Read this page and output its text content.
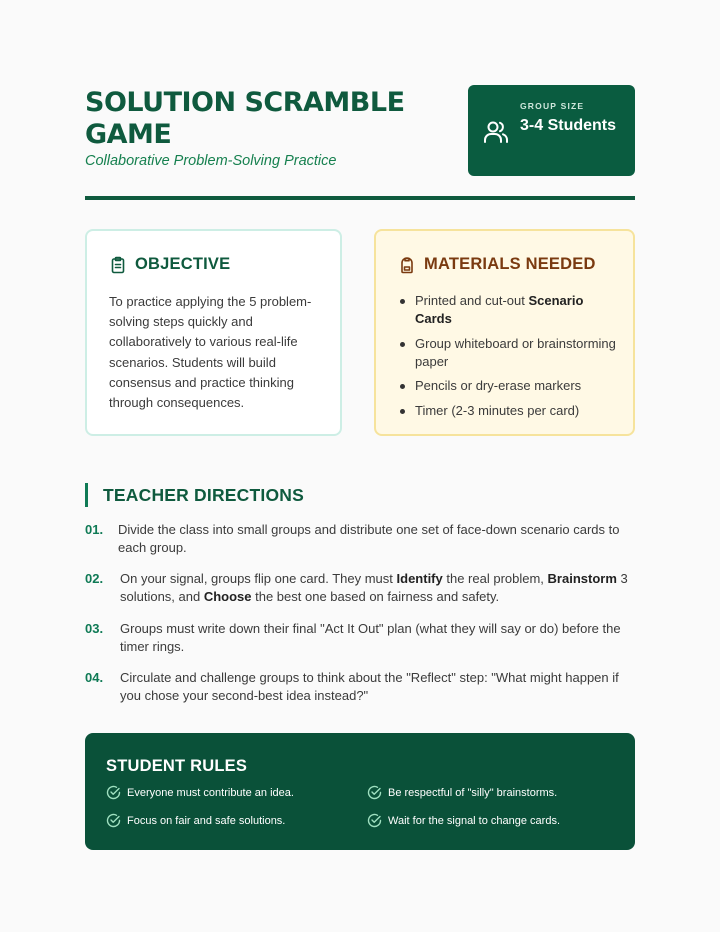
SOLUTION SCRAMBLE GAME
Collaborative Problem-Solving Practice
GROUP SIZE
3-4 Students
OBJECTIVE
To practice applying the 5 problem-solving steps quickly and collaboratively to various real-life scenarios. Students will build consensus and practice thinking through consequences.
MATERIALS NEEDED
Printed and cut-out Scenario Cards
Group whiteboard or brainstorming paper
Pencils or dry-erase markers
Timer (2-3 minutes per card)
TEACHER DIRECTIONS
01. Divide the class into small groups and distribute one set of face-down scenario cards to each group.
02. On your signal, groups flip one card. They must Identify the real problem, Brainstorm 3 solutions, and Choose the best one based on fairness and safety.
03. Groups must write down their final "Act It Out" plan (what they will say or do) before the timer rings.
04. Circulate and challenge groups to think about the "Reflect" step: "What might happen if you chose your second-best idea instead?"
STUDENT RULES
Everyone must contribute an idea.	Be respectful of "silly" brainstorms.
Focus on fair and safe solutions.	Wait for the signal to change cards.
